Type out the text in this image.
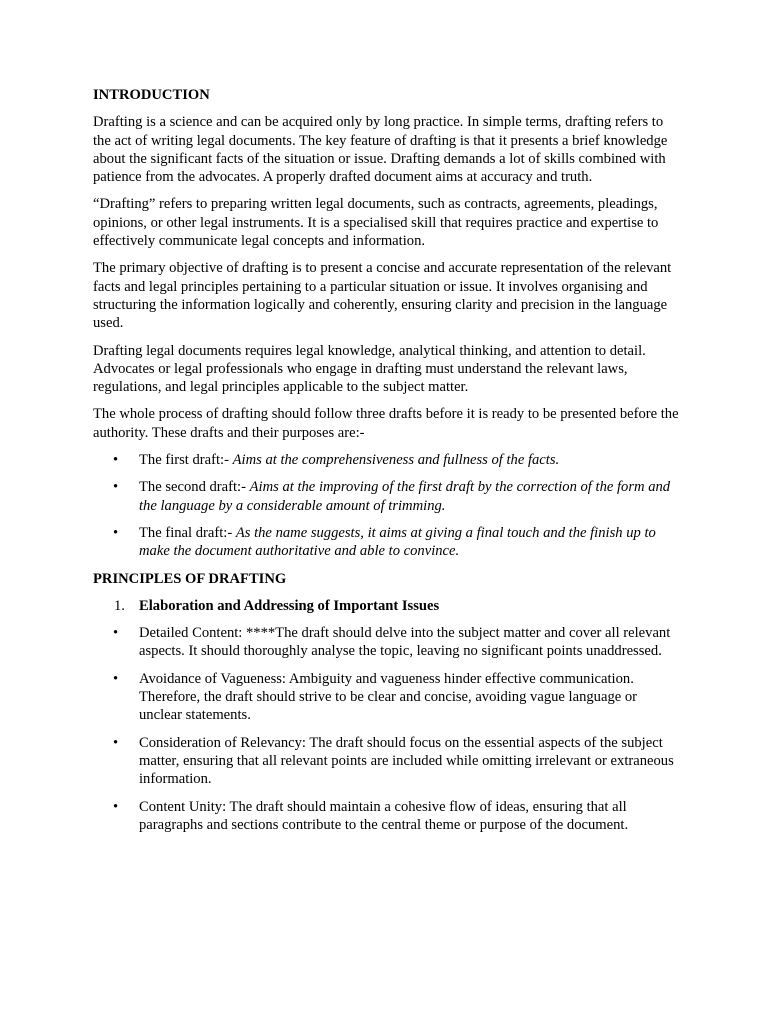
INTRODUCTION

Drafting is a science and can be acquired only by long practice. In simple terms, drafting refers to the act of writing legal documents. The key feature of drafting is that it presents a brief knowledge about the significant facts of the situation or issue. Drafting demands a lot of skills combined with patience from the advocates. A properly drafted document aims at accuracy and truth.

“Drafting” refers to preparing written legal documents, such as contracts, agreements, pleadings, opinions, or other legal instruments. It is a specialised skill that requires practice and expertise to effectively communicate legal concepts and information.

The primary objective of drafting is to present a concise and accurate representation of the relevant facts and legal principles pertaining to a particular situation or issue. It involves organising and structuring the information logically and coherently, ensuring clarity and precision in the language used.

Drafting legal documents requires legal knowledge, analytical thinking, and attention to detail. Advocates or legal professionals who engage in drafting must understand the relevant laws, regulations, and legal principles applicable to the subject matter.

The whole process of drafting should follow three drafts before it is ready to be presented before the authority. These drafts and their purposes are:-

• The first draft:- Aims at the comprehensiveness and fullness of the facts.
• The second draft:- Aims at the improving of the first draft by the correction of the form and the language by a considerable amount of trimming.
• The final draft:- As the name suggests, it aims at giving a final touch and the finish up to make the document authoritative and able to convince.
PRINCIPLES OF DRAFTING
1. Elaboration and Addressing of Important Issues
• Detailed Content: ****The draft should delve into the subject matter and cover all relevant aspects. It should thoroughly analyse the topic, leaving no significant points unaddressed.
• Avoidance of Vagueness: Ambiguity and vagueness hinder effective communication. Therefore, the draft should strive to be clear and concise, avoiding vague language or unclear statements.
• Consideration of Relevancy: The draft should focus on the essential aspects of the subject matter, ensuring that all relevant points are included while omitting irrelevant or extraneous information.
• Content Unity: The draft should maintain a cohesive flow of ideas, ensuring that all paragraphs and sections contribute to the central theme or purpose of the document.
